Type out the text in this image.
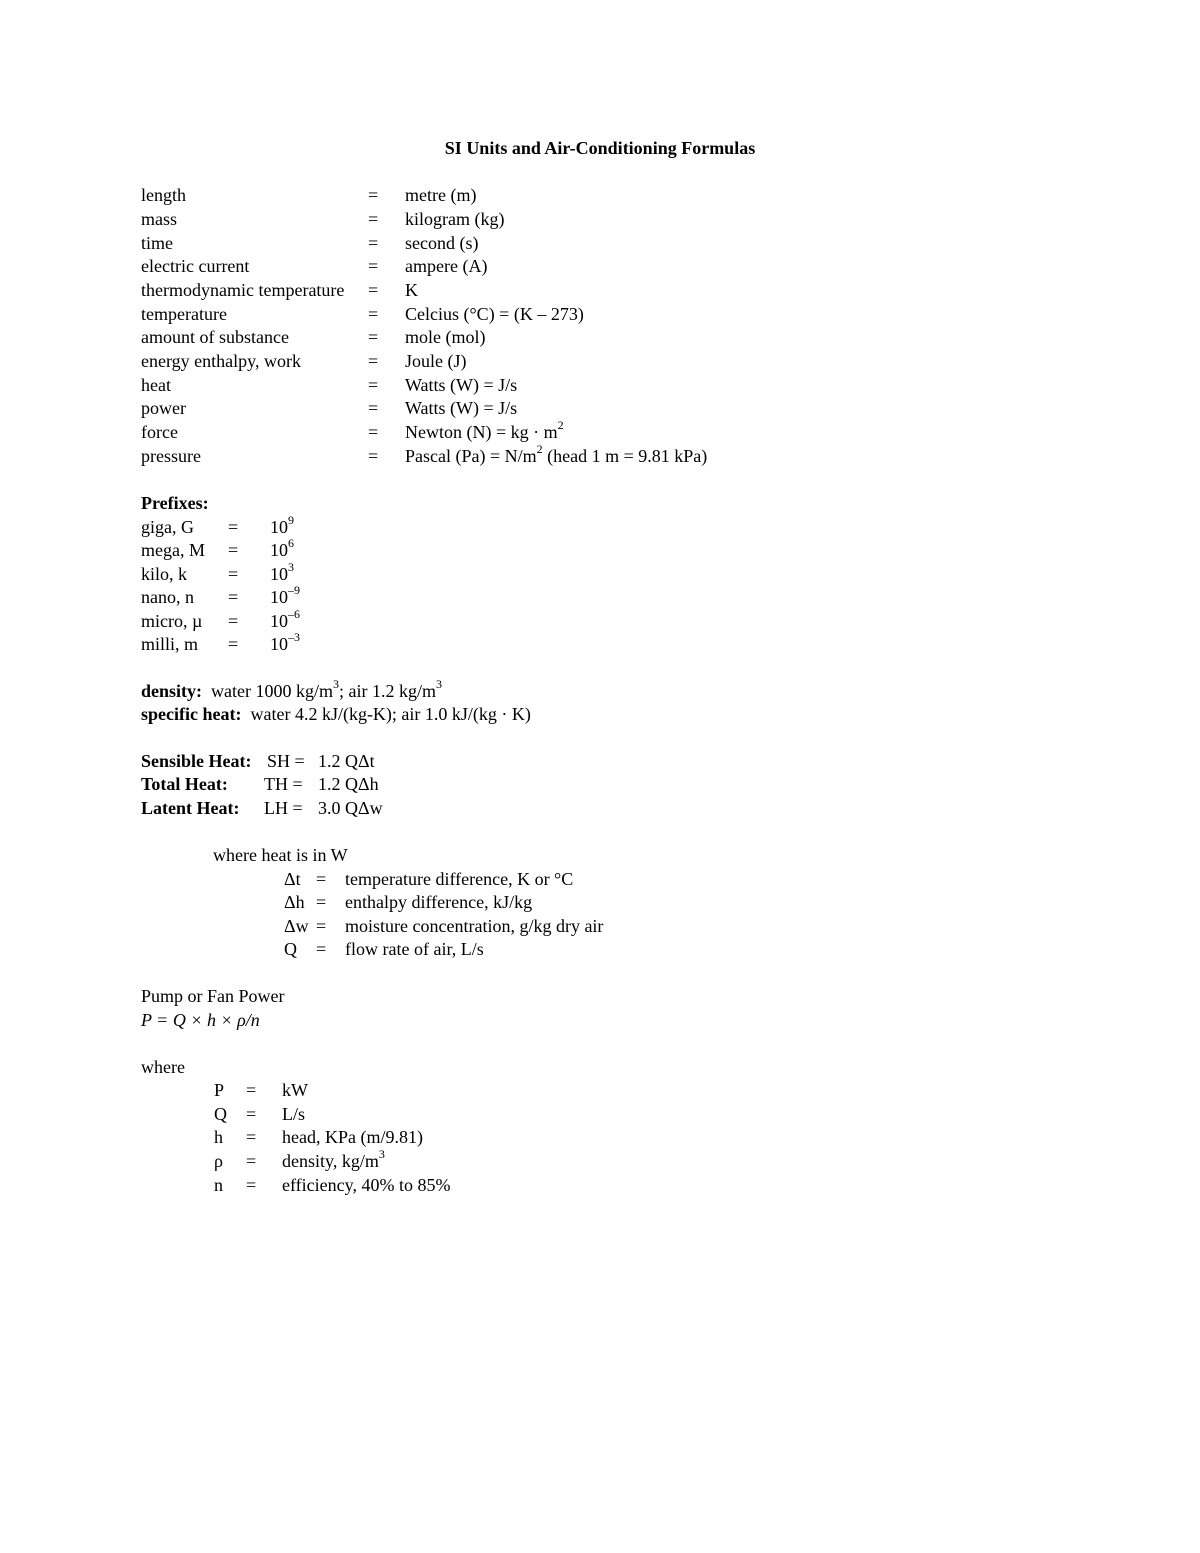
SI Units and Air-Conditioning Formulas
length	= metre (m)
mass	= kilogram (kg)
time	= second (s)
electric current	= ampere (A)
thermodynamic temperature = K
temperature	= Celcius (°C) = (K – 273)
amount of substance	= mole (mol)
energy enthalpy, work	= Joule (J)
heat	= Watts (W) = J/s
power	= Watts (W) = J/s
force	= Newton (N) = kg · $m^2$
pressure	= Pascal $(Pa) = N/m^2$ (head 1 m = 9.81 kPa)
Prefixes:
giga, $G = 10^9$
mega, $M = 10^6$
kilo, $k = 10^3$
nano, $n = 10^{-9}$
micro, $\mu = 10^{-6}$
milli, $m = 10^{-3}$
density: water 1000 $kg/m^3$; air 1.2 $kg/m^3$
specific heat: water 4.2 kJ/(kg-K); air 1.0 kJ/(kg · K)
Sensible Heat: SH = 1.2 QΔt
Total Heat: TH = 1.2 QΔh
Latent Heat: LH = 3.0 QΔw
where heat is in W
Δt = temperature difference, K or °C
Δh = enthalpy difference, kJ/kg
Δw = moisture concentration, g/kg dry air
Q = flow rate of air, L/s
Pump or Fan Power
P = Q × h × ρ/n
where
P = kW
Q = L/s
h = head, KPa (m/9.81)
ρ = density, $kg/m^3$
n = efficiency, 40% to 85%
